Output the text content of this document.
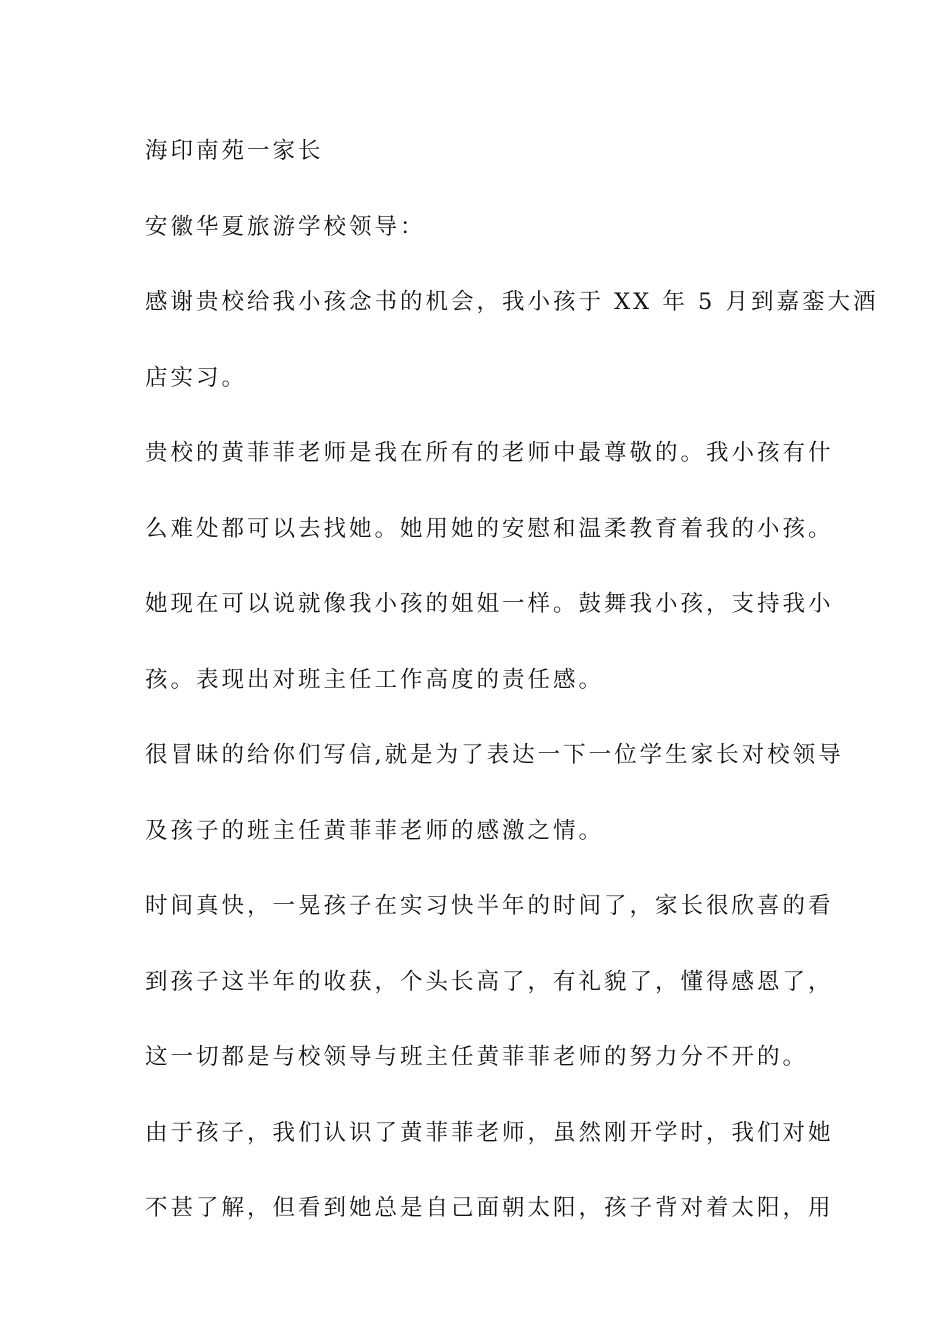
海印南苑一家长
安徽华夏旅游学校领导：
感谢贵校给我小孩念书的机会，我小孩于 XX 年 5 月到嘉銮大酒
店实习。
贵校的黄菲菲老师是我在所有的老师中最尊敬的。我小孩有什
么难处都可以去找她。她用她的安慰和温柔教育着我的小孩。
她现在可以说就像我小孩的姐姐一样。鼓舞我小孩，支持我小
孩。表现出对班主任工作高度的责任感。
很冒昧的给你们写信,就是为了表达一下一位学生家长对校领导
及孩子的班主任黄菲菲老师的感激之情。
时间真快，一晃孩子在实习快半年的时间了，家长很欣喜的看
到孩子这半年的收获，个头长高了，有礼貌了，懂得感恩了，
这一切都是与校领导与班主任黄菲菲老师的努力分不开的。
由于孩子，我们认识了黄菲菲老师，虽然刚开学时，我们对她
不甚了解，但看到她总是自己面朝太阳，孩子背对着太阳，用
